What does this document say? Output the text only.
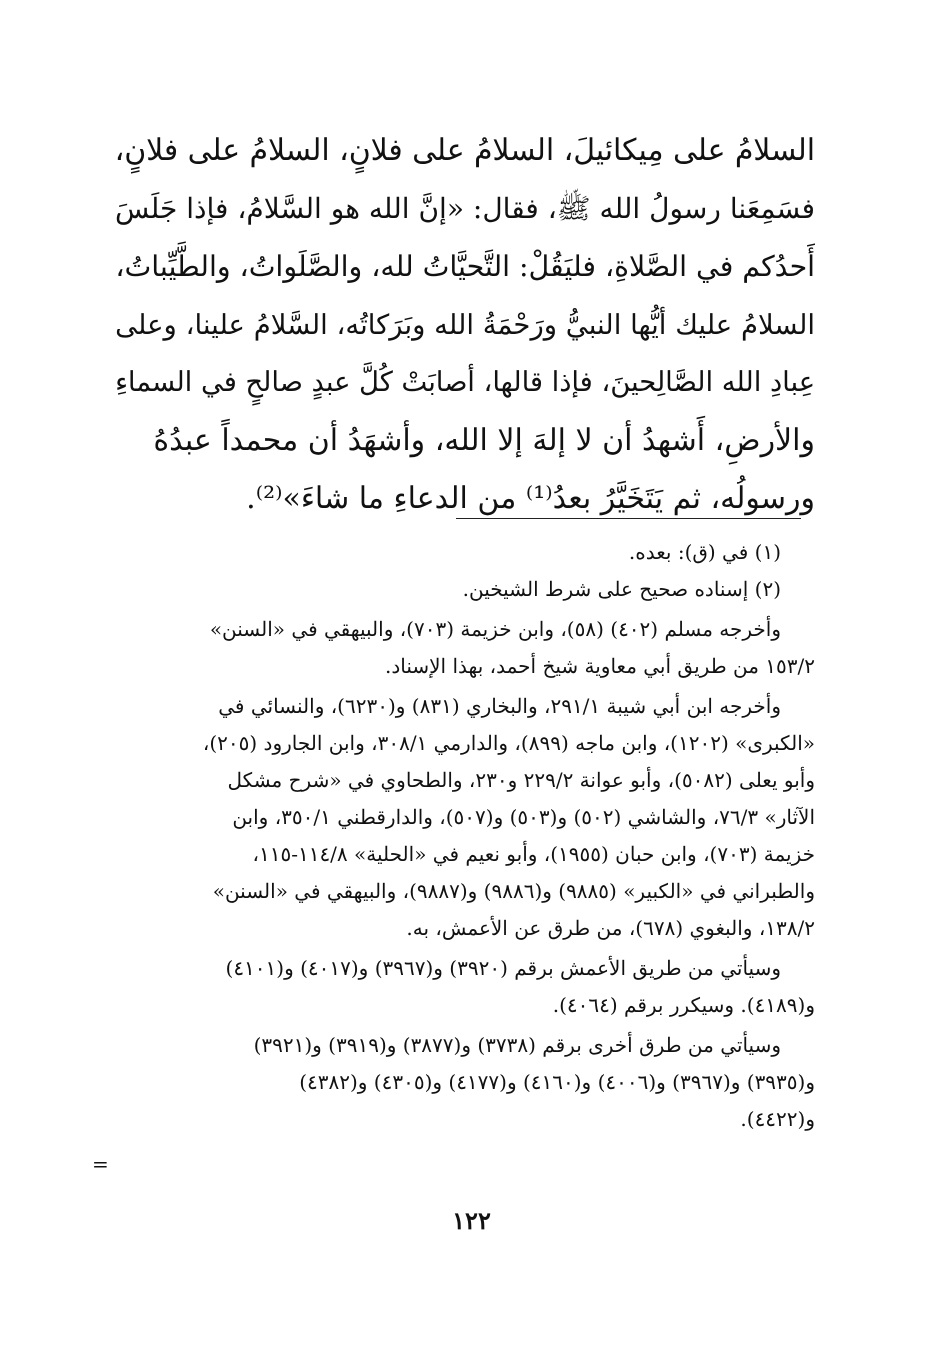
السلامُ على مِيكائيلَ، السلامُ على فلانٍ، السلامُ على فلانٍ،
فسَمِعَنا رسولُ الله ﷺ، فقال: «إنَّ الله هو السَّلامُ، فإذا جَلَسَ
أَحدُكم في الصَّلاةِ، فليَقُلْ: التَّحيَّاتُ لله، والصَّلَواتُ، والطَّيِّباتُ،
السلامُ عليك أيُّها النبيُّ ورَحْمَةُ الله وبَرَكاتُه، السَّلامُ علينا، وعلى
عِبادِ الله الصَّالِحينَ، فإذا قالها، أصابَتْ كُلَّ عبدٍ صالحٍ في السماءِ
والأرضِ، أَشهدُ أن لا إلهَ إلا الله، وأشهَدُ أن محمداً عبدُهُ
ورسولُه، ثم يَتَخَيَّرُ بعدُ⁽¹⁾ من الدعاءِ ما شاءَ»⁽²⁾.
(١) في (ق): بعده.
(٢) إسناده صحيح على شرط الشيخين.
وأخرجه مسلم (٤٠٢) (٥٨)، وابن خزيمة (٧٠٣)، والبيهقي في «السنن»
١٥٣/٢ من طريق أبي معاوية شيخ أحمد، بهذا الإسناد.
وأخرجه ابن أبي شيبة ٢٩١/١، والبخاري (٨٣١) و(٦٢٣٠)، والنسائي في
«الكبرى» (١٢٠٢)، وابن ماجه (٨٩٩)، والدارمي ٣٠٨/١، وابن الجارود (٢٠٥)،
وأبو يعلى (٥٠٨٢)، وأبو عوانة ٢٢٩/٢ و٢٣٠، والطحاوي في «شرح مشكل
الآثار» ٧٦/٣، والشاشي (٥٠٢) و(٥٠٣) و(٥٠٧)، والدارقطني ٣٥٠/١، وابن
خزيمة (٧٠٣)، وابن حبان (١٩٥٥)، وأبو نعيم في «الحلية» ١١٤/٨-١١٥،
والطبراني في «الكبير» (٩٨٨٥) و(٩٨٨٦) و(٩٨٨٧)، والبيهقي في «السنن»
١٣٨/٢، والبغوي (٦٧٨)، من طرق عن الأعمش، به.
وسيأتي من طريق الأعمش برقم (٣٩٢٠) و(٣٩٦٧) و(٤٠١٧) و(٤١٠١)
و(٤١٨٩). وسيكرر برقم (٤٠٦٤).
وسيأتي من طرق أخرى برقم (٣٧٣٨) و(٣٨٧٧) و(٣٩١٩) و(٣٩٢١)
و(٣٩٣٥) و(٣٩٦٧) و(٤٠٠٦) و(٤١٦٠) و(٤١٧٧) و(٤٣٠٥) و(٤٣٨٢)
و(٤٤٢٢).
=
١٢٢
